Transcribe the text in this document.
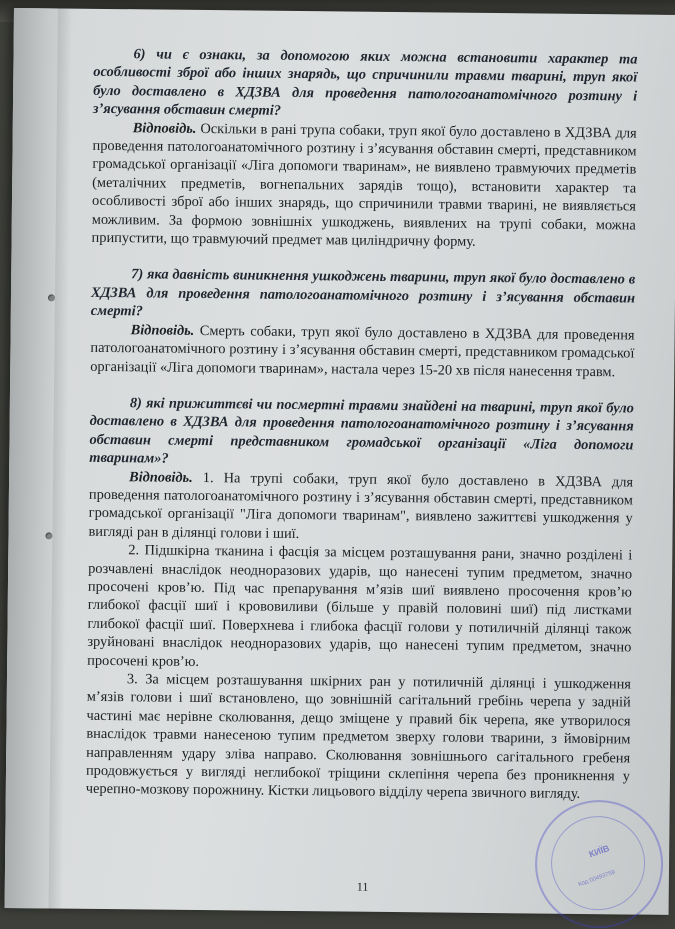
6) чи є ознаки, за допомогою яких можна встановити характер та особливості зброї або інших знарядь, що спричинили травми тварині, труп якої було доставлено в ХДЗВА для проведення патологоанатомічного розтину і з’ясування обставин смерті?

Відповідь. Оскільки в рані трупа собаки, труп якої було доставлено в ХДЗВА для проведення патологоанатомічного розтину і з’ясування обставин смерті, представником громадської організації «Ліга допомоги тваринам», не виявлено травмуючих предметів (металічних предметів, вогнепальних зарядів тощо), встановити характер та особливості зброї або інших знарядь, що спричинили травми тварині, не виявляється можливим. За формою зовнішніх ушкоджень, виявлених на трупі собаки, можна припустити, що травмуючий предмет мав циліндричну форму.

7) яка давність виникнення ушкоджень тварини, труп якої було доставлено в ХДЗВА для проведення патологоанатомічного розтину і з’ясування обставин смерті?

Відповідь. Смерть собаки, труп якої було доставлено в ХДЗВА для проведення патологоанатомічного розтину і з’ясування обставин смерті, представником громадської організації «Ліга допомоги тваринам», настала через 15-20 хв після нанесення травм.

8) які прижиттєві чи посмертні травми знайдені на тварині, труп якої було доставлено в ХДЗВА для проведення патологоанатомічного розтину і з’ясування обставин смерті представником громадської організації «Ліга допомоги тваринам»?

Відповідь. 1. На трупі собаки, труп якої було доставлено в ХДЗВА для проведення патологоанатомічного розтину і з’ясування обставин смерті, представником громадської організації "Ліга допомоги тваринам", виявлено зажиттєві ушкодження у вигляді ран в ділянці голови і шиї.

2. Підшкірна тканина і фасція за місцем розташування рани, значно розділені і розчавлені внаслідок неодноразових ударів, що нанесені тупим предметом, значно просочені кров’ю. Під час препарування м’язів шиї виявлено просочення кров’ю глибокої фасції шиї і крововиливи (більше у правій половині шиї) під листками глибокої фасції шиї. Поверхнева і глибока фасції голови у потиличній ділянці також зруйновані внаслідок неодноразових ударів, що нанесені тупим предметом, значно просочені кров’ю.

3. За місцем розташування шкірних ран у потиличній ділянці і ушкодження м’язів голови і шиї встановлено, що зовнішній сагітальний гребінь черепа у задній частині має нерівне сколювання, дещо зміщене у правий бік черепа, яке утворилося внаслідок травми нанесеною тупим предметом зверху голови тварини, з ймовірним направленням удару зліва направо. Сколювання зовнішнього сагітального гребеня продовжується у вигляді неглибокої тріщини склепіння черепа без проникнення у черепно-мозкову порожнину. Кістки лицьового відділу черепа звичного вигляду.

11
КИЇВ
Код 00493759
